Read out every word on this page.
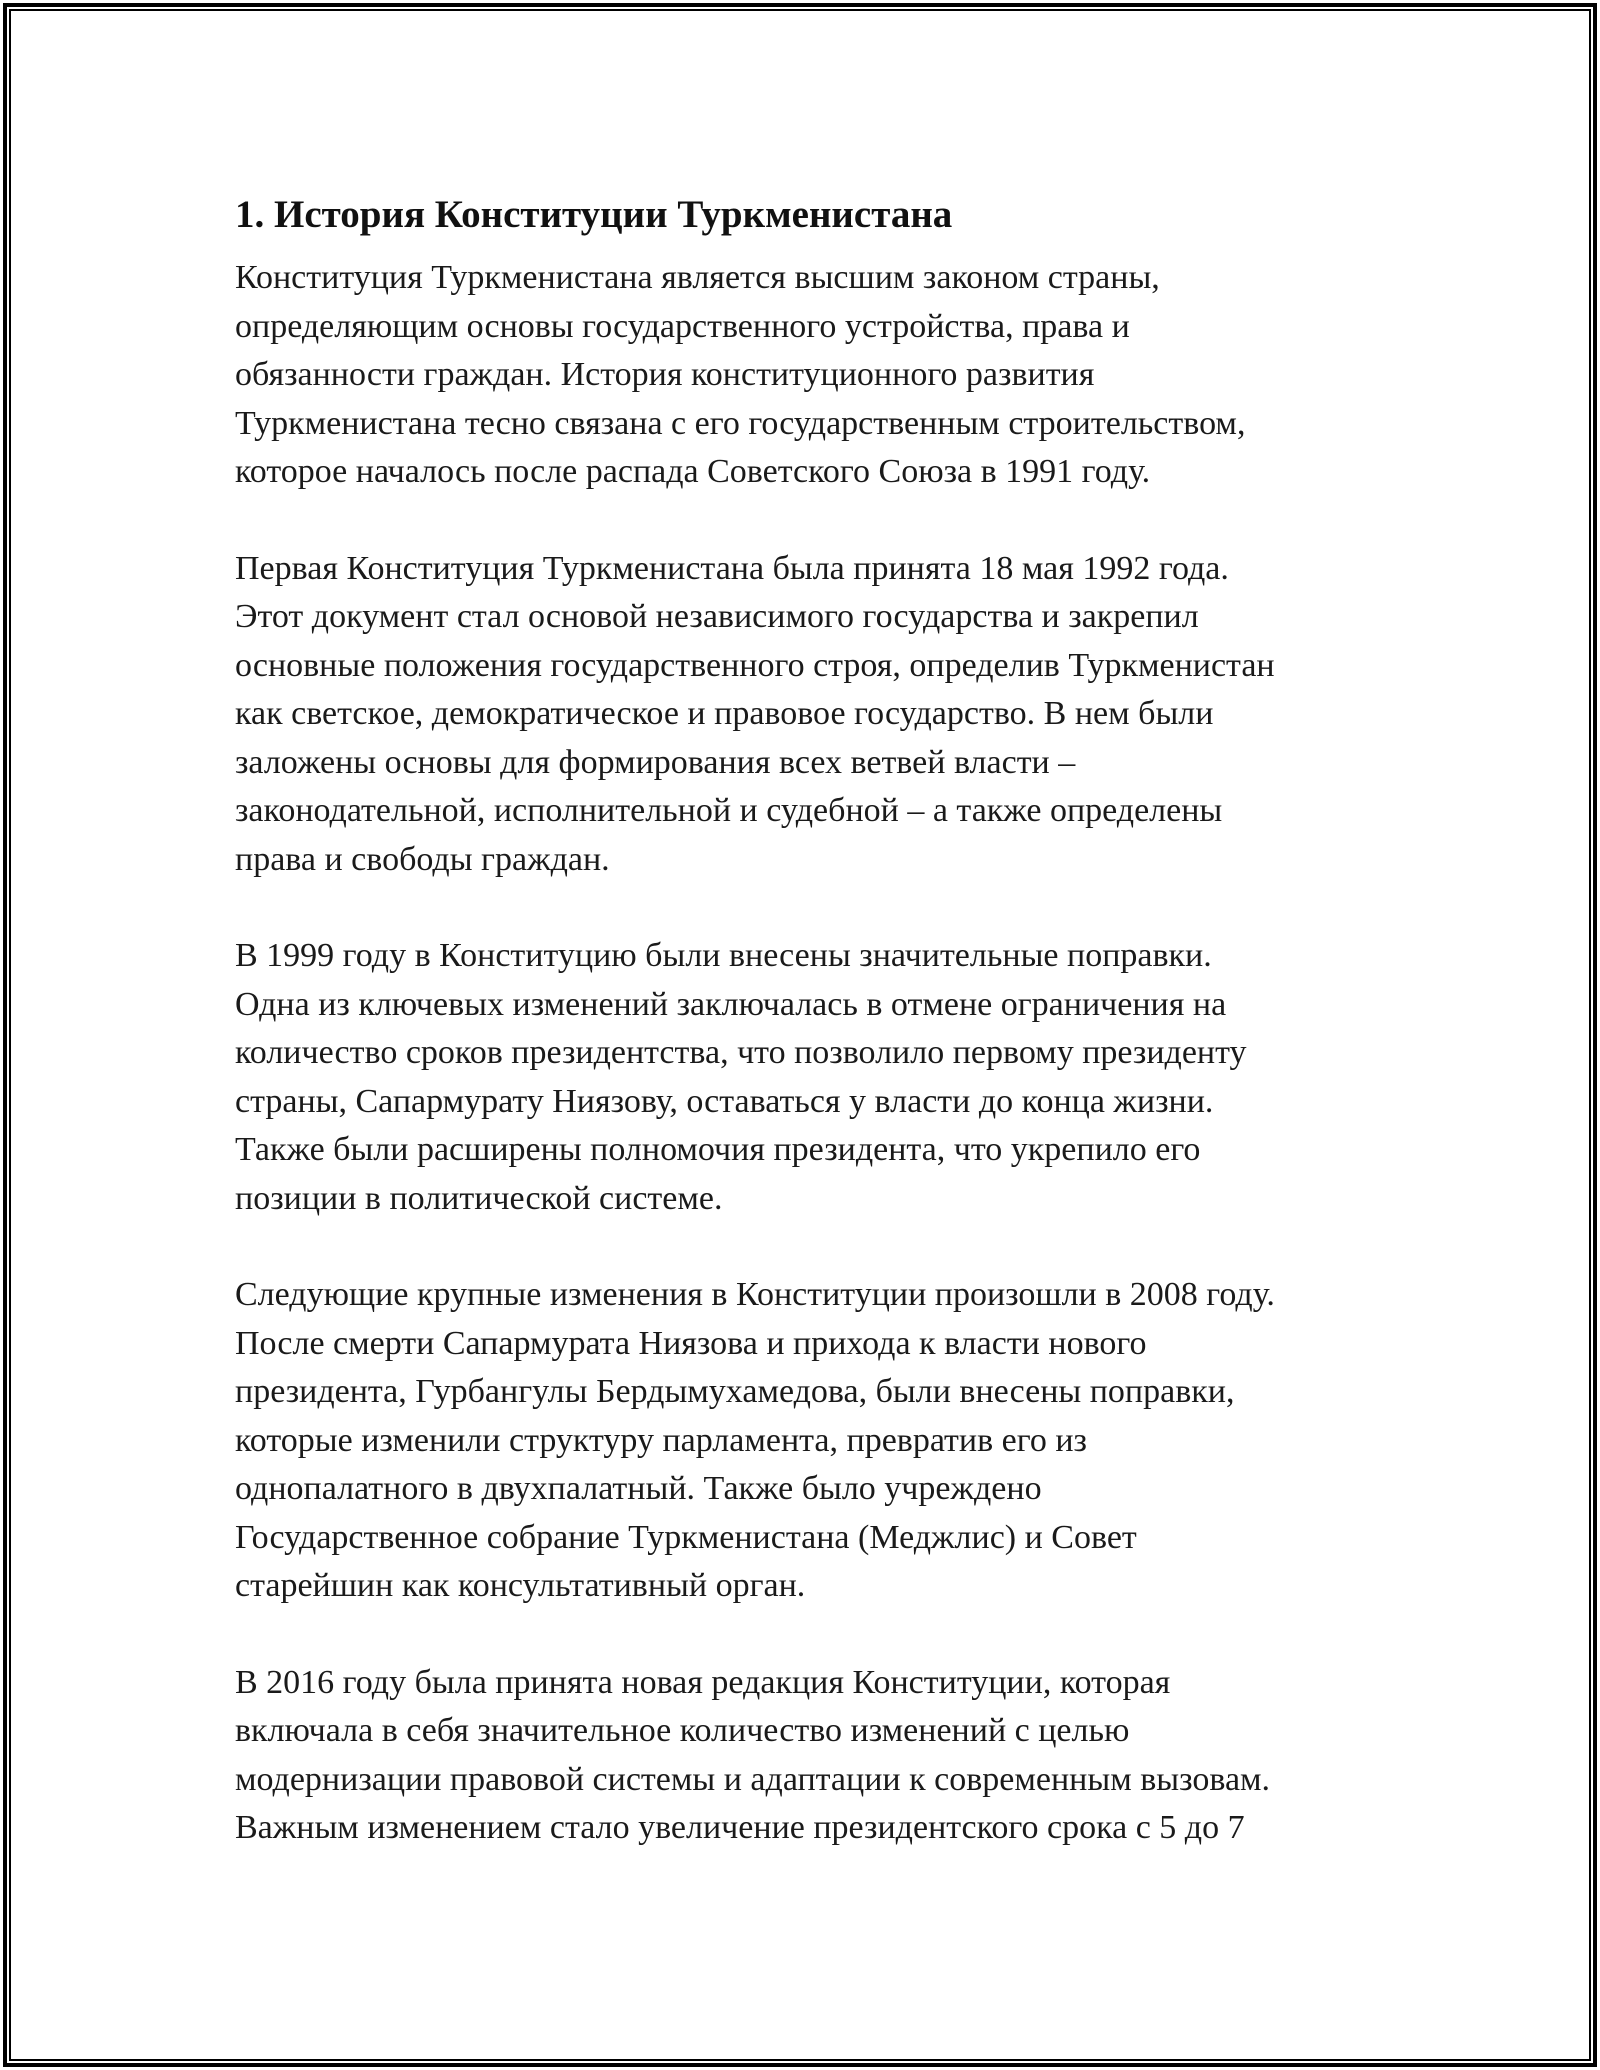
1. История Конституции Туркменистана

Конституция Туркменистана является высшим законом страны,
определяющим основы государственного устройства, права и
обязанности граждан. История конституционного развития
Туркменистана тесно связана с его государственным строительством,
которое началось после распада Советского Союза в 1991 году.

Первая Конституция Туркменистана была принята 18 мая 1992 года.
Этот документ стал основой независимого государства и закрепил
основные положения государственного строя, определив Туркменистан
как светское, демократическое и правовое государство. В нем были
заложены основы для формирования всех ветвей власти –
законодательной, исполнительной и судебной – а также определены
права и свободы граждан.

В 1999 году в Конституцию были внесены значительные поправки.
Одна из ключевых изменений заключалась в отмене ограничения на
количество сроков президентства, что позволило первому президенту
страны, Сапармурату Ниязову, оставаться у власти до конца жизни.
Также были расширены полномочия президента, что укрепило его
позиции в политической системе.

Следующие крупные изменения в Конституции произошли в 2008 году.
После смерти Сапармурата Ниязова и прихода к власти нового
президента, Гурбангулы Бердымухамедова, были внесены поправки,
которые изменили структуру парламента, превратив его из
однопалатного в двухпалатный. Также было учреждено
Государственное собрание Туркменистана (Меджлис) и Совет
старейшин как консультативный орган.

В 2016 году была принята новая редакция Конституции, которая
включала в себя значительное количество изменений с целью
модернизации правовой системы и адаптации к современным вызовам.
Важным изменением стало увеличение президентского срока с 5 до 7
